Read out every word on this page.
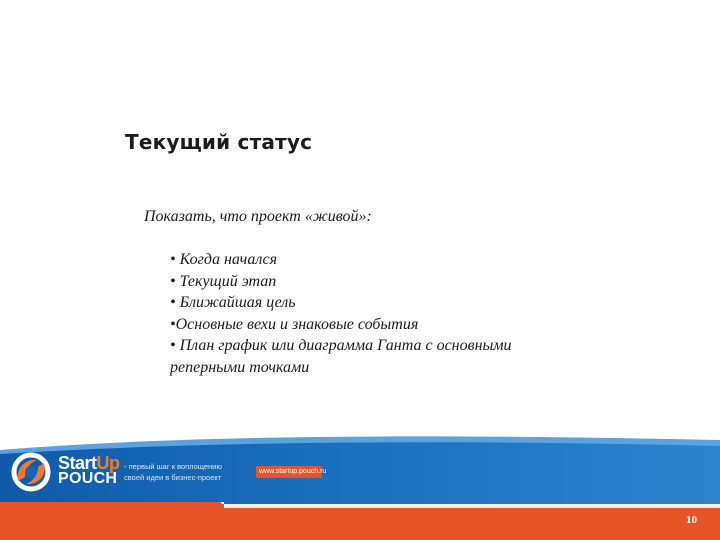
Текущий статус
Показать, что проект «живой»:
• Когда начался
• Текущий этап
• Ближайшая цель
•Основные вехи и знаковые события
• План график или диаграмма Ганта с основными
реперными точками
StartUp
POUCH
- первый шаг к воплощению
своей идеи в бизнес-проект
www.startup.pouch.ru
10
